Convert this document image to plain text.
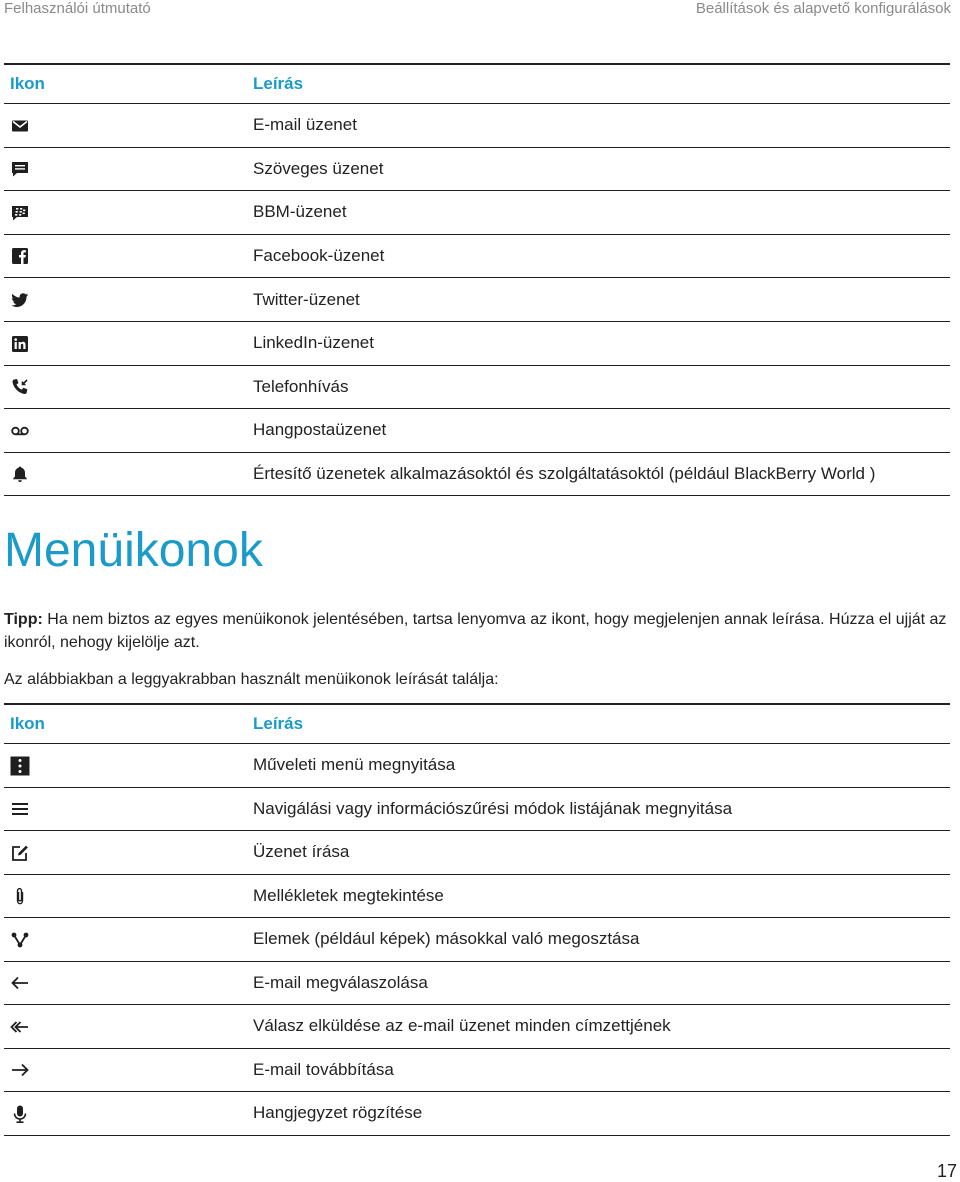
Felhasználói útmutató	Beállítások és alapvető konfigurálások
Ikon	Leírás

	E-mail üzenet

	Szöveges üzenet

	BBM-üzenet

	Facebook-üzenet

	Twitter-üzenet

	LinkedIn-üzenet

	Telefonhívás

	Hangpostaüzenet

	Értesítő üzenetek alkalmazásoktól és szolgáltatásoktól (például BlackBerry World )
Menüikonok

Tipp: Ha nem biztos az egyes menüikonok jelentésében, tartsa lenyomva az ikont, hogy megjelenjen annak leírása. Húzza el ujját az ikonról, nehogy kijelölje azt.

Az alábbiakban a leggyakrabban használt menüikonok leírását találja:

Ikon	Leírás

	Műveleti menü megnyitása

	Navigálási vagy információszűrési módok listájának megnyitása

	Üzenet írása

	Mellékletek megtekintése

	Elemek (például képek) másokkal való megosztása

	E-mail megválaszolása

	Válasz elküldése az e-mail üzenet minden címzettjének

	E-mail továbbítása

	Hangjegyzet rögzítése
17
